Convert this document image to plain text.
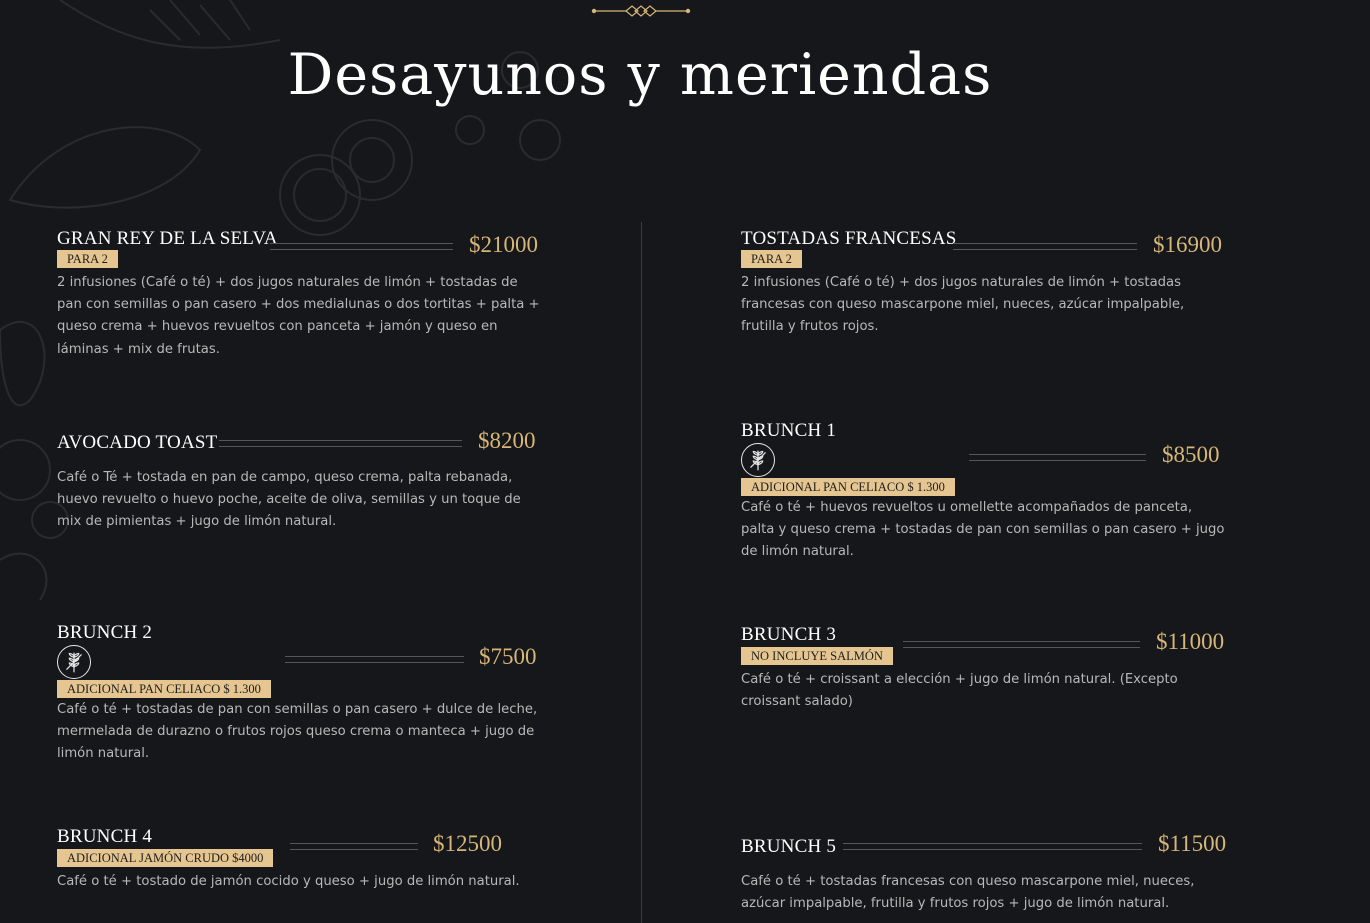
Desayunos y meriendas
GRAN REY DE LA SELVA	$21000
PARA 2

2 infusiones (Café o té) + dos jugos naturales de limón + tostadas de pan con semillas o pan casero + dos medialunas o dos tortitas + palta + queso crema + huevos revueltos con panceta + jamón y queso en láminas + mix de frutas.

TOSTADAS FRANCESAS	$16900
PARA 2

2 infusiones (Café o té) + dos jugos naturales de limón + tostadas francesas con queso mascarpone miel, nueces, azúcar impalpable, frutilla y frutos rojos.

AVOCADO TOAST	$8200

Café o Té + tostada en pan de campo, queso crema, palta rebanada, huevo revuelto o huevo poche, aceite de oliva, semillas y un toque de mix de pimientas + jugo de limón natural.

BRUNCH 1
$8500
ADICIONAL PAN CELIACO $ 1.300

Café o té + huevos revueltos u omellette acompañados de panceta, palta y queso crema + tostadas de pan con semillas o pan casero + jugo de limón natural.

BRUNCH 2
$7500
ADICIONAL PAN CELIACO $ 1.300

Café o té + tostadas de pan con semillas o pan casero + dulce de leche, mermelada de durazno o frutos rojos queso crema o manteca + jugo de limón natural.

BRUNCH 3	$11000
NO INCLUYE SALMÓN

Café o té + croissant a elección + jugo de limón natural. (Excepto croissant salado)

BRUNCH 4	$12500
ADICIONAL JAMÓN CRUDO $4000

Café o té + tostado de jamón cocido y queso + jugo de limón natural.

BRUNCH 5	$11500

Café o té + tostadas francesas con queso mascarpone miel, nueces, azúcar impalpable, frutilla y frutos rojos + jugo de limón natural.
